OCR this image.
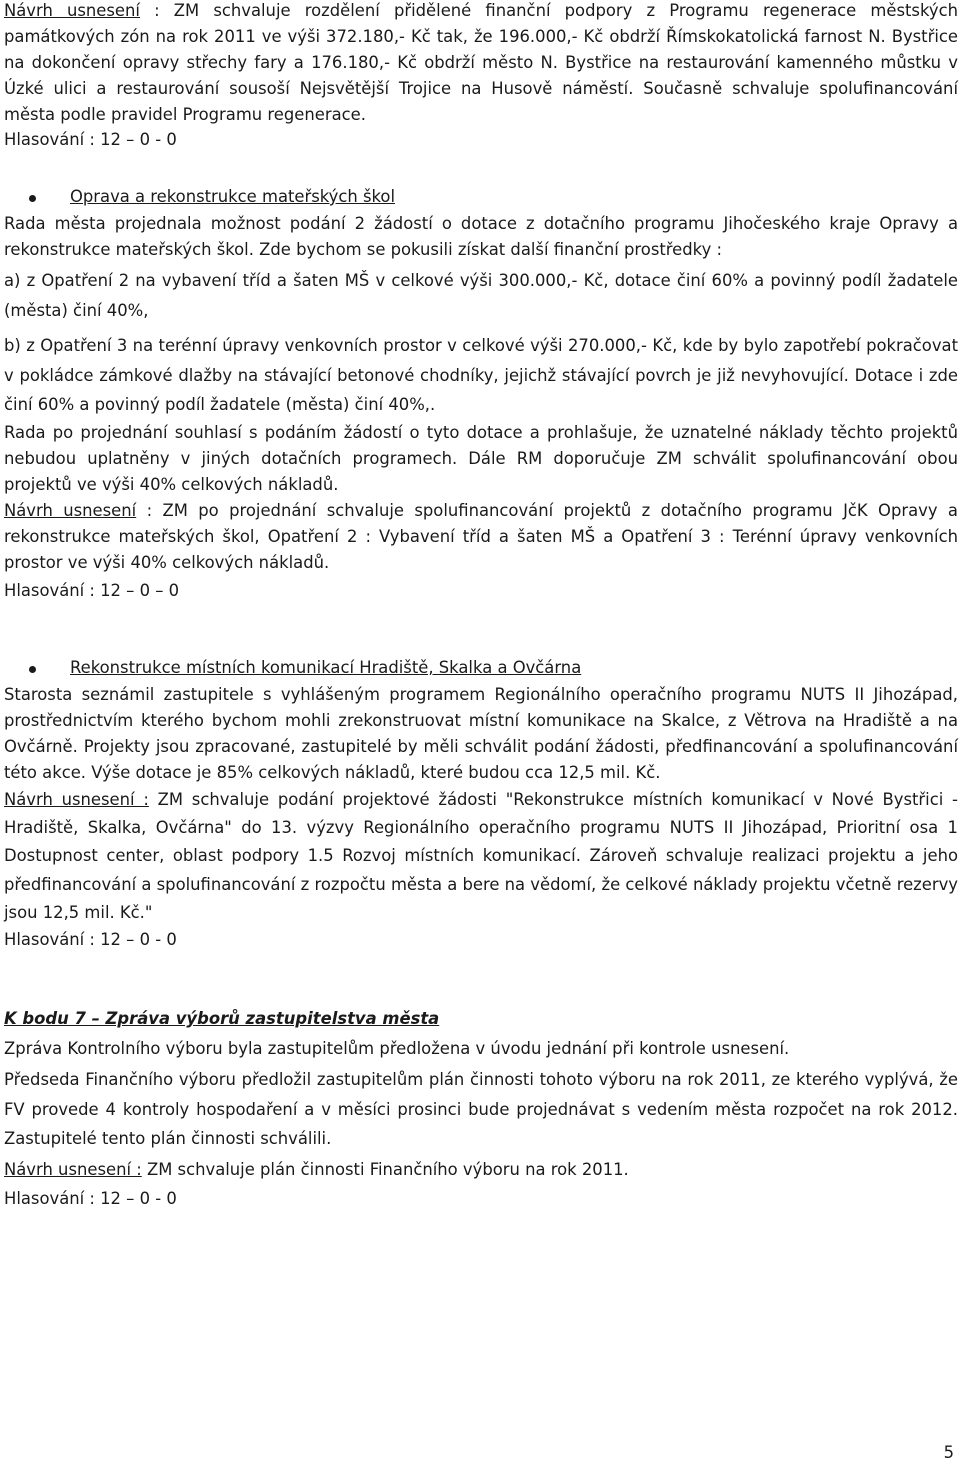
Návrh usnesení : ZM schvaluje rozdělení přidělené finanční podpory z Programu regenerace městských památkových zón na rok 2011 ve výši 372.180,- Kč tak, že 196.000,- Kč obdrží Římskokatolická farnost N. Bystřice na dokončení opravy střechy fary a 176.180,- Kč obdrží město N. Bystřice na restaurování kamenného můstku v Úzké ulici a restaurování sousoší Nejsvětější Trojice na Husově náměstí. Současně schvaluje spolufinancování města podle pravidel Programu regenerace.

Hlasování : 12 – 0 - 0

Oprava a rekonstrukce mateřských škol

Rada města projednala možnost podání 2 žádostí o dotace z dotačního programu Jihočeského kraje Opravy a rekonstrukce mateřských škol. Zde bychom se pokusili získat další finanční prostředky :

a) z Opatření 2 na vybavení tříd a šaten MŠ v celkové výši 300.000,- Kč, dotace činí 60% a povinný podíl žadatele (města) činí 40%,

b) z Opatření 3 na terénní úpravy venkovních prostor v celkové výši 270.000,- Kč, kde by bylo zapotřebí pokračovat v pokládce zámkové dlažby na stávající betonové chodníky, jejichž stávající povrch je již nevyhovující. Dotace i zde činí 60% a povinný podíl žadatele (města) činí 40%,.

Rada po projednání souhlasí s podáním žádostí o tyto dotace a prohlašuje, že uznatelné náklady těchto projektů nebudou uplatněny v jiných dotačních programech. Dále RM doporučuje ZM schválit spolufinancování obou projektů ve výši 40% celkových nákladů.

Návrh usnesení : ZM po projednání schvaluje spolufinancování projektů z dotačního programu JčK Opravy a rekonstrukce mateřských škol, Opatření 2 : Vybavení tříd a šaten MŠ a Opatření 3 : Terénní úpravy venkovních prostor ve výši 40% celkových nákladů.

Hlasování : 12 – 0 – 0

Rekonstrukce místních komunikací Hradiště, Skalka a Ovčárna

Starosta seznámil zastupitele s vyhlášeným programem Regionálního operačního programu NUTS II Jihozápad, prostřednictvím kterého bychom mohli zrekonstruovat místní komunikace na Skalce, z Větrova na Hradiště a na Ovčárně. Projekty jsou zpracované, zastupitelé by měli schválit podání žádosti, předfinancování a spolufinancování této akce. Výše dotace je 85% celkových nákladů, které budou cca 12,5 mil. Kč.

Návrh usnesení : ZM schvaluje podání projektové žádosti "Rekonstrukce místních komunikací v Nové Bystřici - Hradiště, Skalka, Ovčárna" do 13. výzvy Regionálního operačního programu NUTS II Jihozápad, Prioritní osa 1 Dostupnost center, oblast podpory 1.5 Rozvoj místních komunikací. Zároveň schvaluje realizaci projektu a jeho předfinancování a spolufinancování z rozpočtu města a bere na vědomí, že celkové náklady projektu včetně rezervy jsou 12,5 mil. Kč."

Hlasování : 12 – 0 - 0

K bodu 7 – Zpráva výborů zastupitelstva města

Zpráva Kontrolního výboru byla zastupitelům předložena v úvodu jednání při kontrole usnesení.

Předseda Finančního výboru předložil zastupitelům plán činnosti tohoto výboru na rok 2011, ze kterého vyplývá, že FV provede 4 kontroly hospodaření a v měsíci prosinci bude projednávat s vedením města rozpočet na rok 2012. Zastupitelé tento plán činnosti schválili.

Návrh usnesení : ZM schvaluje plán činnosti Finančního výboru na rok 2011.

Hlasování : 12 – 0 - 0

5
